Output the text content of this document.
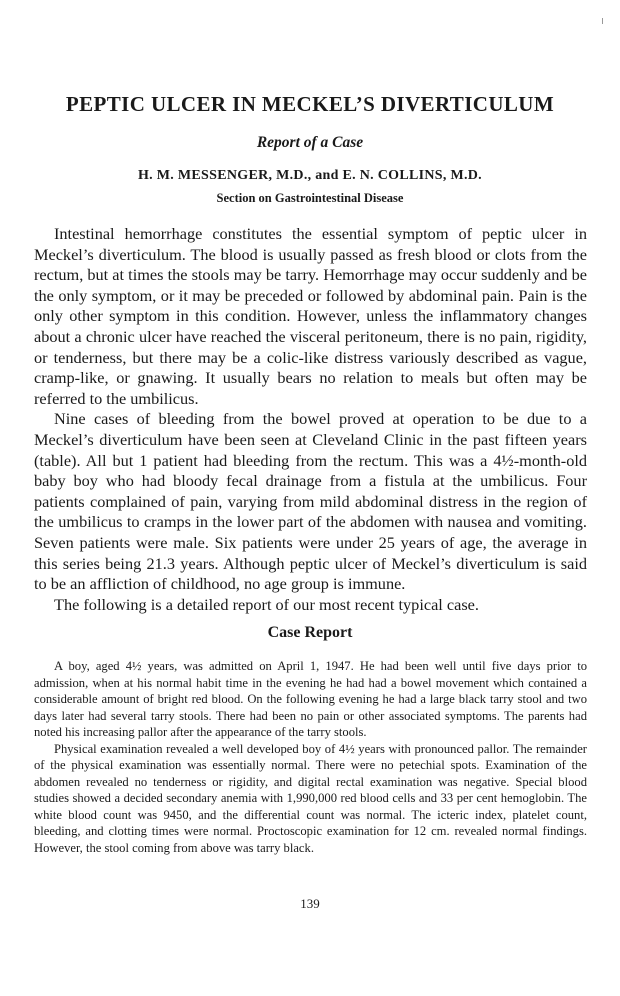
PEPTIC ULCER IN MECKEL’S DIVERTICULUM
Report of a Case
H. M. MESSENGER, M.D., and E. N. COLLINS, M.D.
Section on Gastrointestinal Disease

Intestinal hemorrhage constitutes the essential symptom of peptic ulcer in Meckel’s diverticulum. The blood is usually passed as fresh blood or clots from the rectum, but at times the stools may be tarry. Hemorrhage may occur suddenly and be the only symptom, or it may be preceded or followed by abdominal pain. Pain is the only other symptom in this condition. However, unless the inflammatory changes about a chronic ulcer have reached the visceral peritoneum, there is no pain, rigidity, or tenderness, but there may be a colic-like distress variously described as vague, cramp-like, or gnawing. It usually bears no relation to meals but often may be referred to the umbilicus.

Nine cases of bleeding from the bowel proved at operation to be due to a Meckel’s diverticulum have been seen at Cleveland Clinic in the past fifteen years (table). All but 1 patient had bleeding from the rectum. This was a 4½-month-old baby boy who had bloody fecal drainage from a fistula at the umbilicus. Four patients complained of pain, varying from mild abdominal distress in the region of the umbilicus to cramps in the lower part of the abdomen with nausea and vomiting. Seven patients were male. Six patients were under 25 years of age, the average in this series being 21.3 years. Although peptic ulcer of Meckel’s diverticulum is said to be an affliction of childhood, no age group is immune.

The following is a detailed report of our most recent typical case.

Case Report

A boy, aged 4½ years, was admitted on April 1, 1947. He had been well until five days prior to admission, when at his normal habit time in the evening he had had a bowel movement which contained a considerable amount of bright red blood. On the following evening he had a large black tarry stool and two days later had several tarry stools. There had been no pain or other associated symptoms. The parents had noted his increasing pallor after the appearance of the tarry stools.

Physical examination revealed a well developed boy of 4½ years with pronounced pallor. The remainder of the physical examination was essentially normal. There were no petechial spots. Examination of the abdomen revealed no tenderness or rigidity, and digital rectal examination was negative. Special blood studies showed a decided secondary anemia with 1,990,000 red blood cells and 33 per cent hemoglobin. The white blood count was 9450, and the differential count was normal. The icteric index, platelet count, bleeding, and clotting times were normal. Proctoscopic examination for 12 cm. revealed normal findings. However, the stool coming from above was tarry black.

139
